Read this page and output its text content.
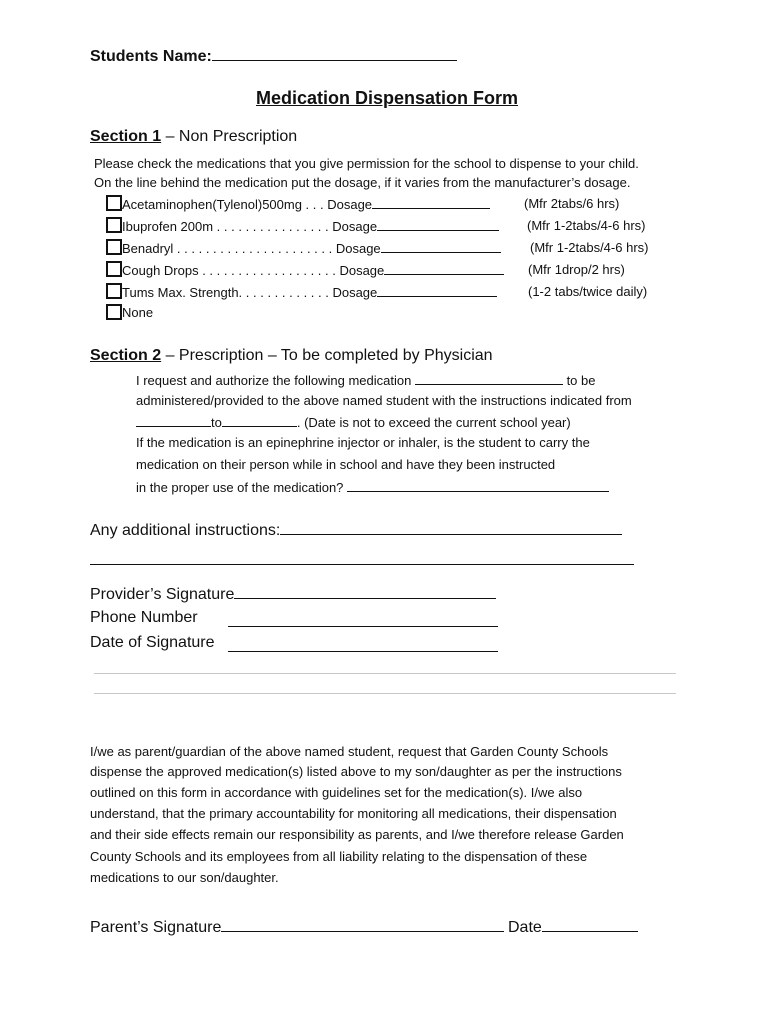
Students Name:
Medication Dispensation Form
Section 1 – Non Prescription
Please check the medications that you give permission for the school to dispense to your child.
On the line behind the medication put the dosage, if it varies from the manufacturer’s dosage.
Acetaminophen(Tylenol)500mg . . . Dosage	(Mfr 2tabs/6 hrs)
Ibuprofen 200m . . . . . . . . . . . . . . . . Dosage	(Mfr 1-2tabs/4-6 hrs)
Benadryl . . . . . . . . . . . . . . . . . . . . . . Dosage	(Mfr 1-2tabs/4-6 hrs)
Cough Drops . . . . . . . . . . . . . . . . . . . Dosage	(Mfr 1drop/2 hrs)
Tums Max. Strength. . . . . . . . . . . . . Dosage	(1-2 tabs/twice daily)
None
Section 2 – Prescription – To be completed by Physician
I request and authorize the following medication	to be
administered/provided to the above named student with the instructions indicated from
to	. (Date is not to exceed the current school year)
If the medication is an epinephrine injector or inhaler, is the student to carry the
medication on their person while in school and have they been instructed
in the proper use of the medication?
Any additional instructions:
Provider’s Signature
Phone Number
Date of Signature
I/we as parent/guardian of the above named student, request that Garden County Schools
dispense the approved medication(s) listed above to my son/daughter as per the instructions
outlined on this form in accordance with guidelines set for the medication(s). I/we also
understand, that the primary accountability for monitoring all medications, their dispensation
and their side effects remain our responsibility as parents, and I/we therefore release Garden
County Schools and its employees from all liability relating to the dispensation of these
medications to our son/daughter.
Parent’s Signature	Date
